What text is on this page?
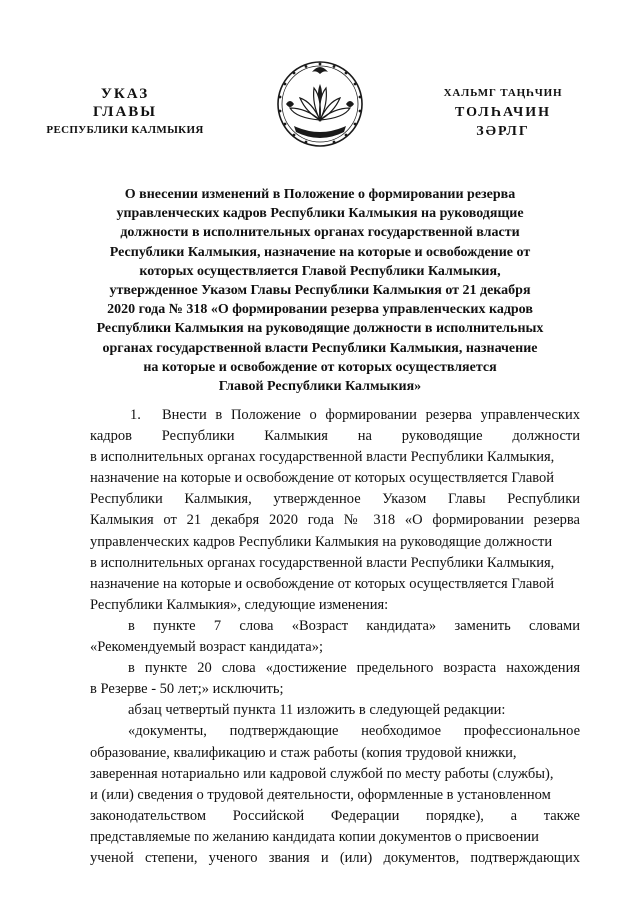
УКАЗ
ГЛАВЫ
РЕСПУБЛИКИ КАЛМЫКИЯ
ХАЛЬМГ ТАҢҺЧИН
ТОЛҺАЧИН
ЗӘРЛГ
О внесении изменений в Положение о формировании резерва
управленческих кадров Республики Калмыкия на руководящие
должности в исполнительных органах государственной власти
Республики Калмыкия, назначение на которые и освобождение от
которых осуществляется Главой Республики Калмыкия,
утвержденное Указом Главы Республики Калмыкия от 21 декабря
2020 года № 318 «О формировании резерва управленческих кадров
Республики Калмыкия на руководящие должности в исполнительных
органах государственной власти Республики Калмыкия, назначение
на которые и освобождение от которых осуществляется
Главой Республики Калмыкия»
1. Внести в Положение о формировании резерва управленческих
кадров Республики Калмыкия на руководящие должности
в исполнительных органах государственной власти Республики Калмыкия,
назначение на которые и освобождение от которых осуществляется Главой
Республики Калмыкия, утвержденное Указом Главы Республики
Калмыкия от 21 декабря 2020 года № 318 «О формировании резерва
управленческих кадров Республики Калмыкия на руководящие должности
в исполнительных органах государственной власти Республики Калмыкия,
назначение на которые и освобождение от которых осуществляется Главой
Республики Калмыкия», следующие изменения:
в пункте 7 слова «Возраст кандидата» заменить словами
«Рекомендуемый возраст кандидата»;
в пункте 20 слова «достижение предельного возраста нахождения
в Резерве - 50 лет;» исключить;
абзац четвертый пункта 11 изложить в следующей редакции:
«документы, подтверждающие необходимое профессиональное
образование, квалификацию и стаж работы (копия трудовой книжки,
заверенная нотариально или кадровой службой по месту работы (службы),
и (или) сведения о трудовой деятельности, оформленные в установленном
законодательством Российской Федерации порядке), а также
представляемые по желанию кандидата копии документов о присвоении
ученой степени, ученого звания и (или) документов, подтверждающих
